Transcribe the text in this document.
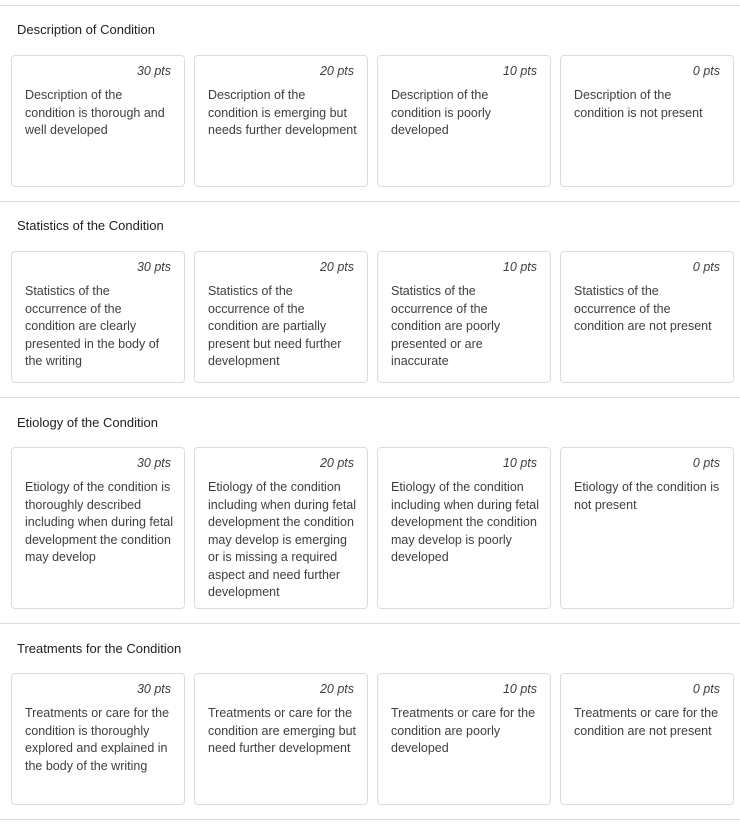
Description of Condition
30 pts
Description of the condition is thorough and well developed
20 pts
Description of the condition is emerging but needs further development
10 pts
Description of the condition is poorly developed
0 pts
Description of the condition is not present
Statistics of the Condition
30 pts
Statistics of the occurrence of the condition are clearly presented in the body of the writing
20 pts
Statistics of the occurrence of the condition are partially present but need further development
10 pts
Statistics of the occurrence of the condition are poorly presented or are inaccurate
0 pts
Statistics of the occurrence of the condition are not present
Etiology of the Condition
30 pts
Etiology of the condition is thoroughly described including when during fetal development the condition may develop
20 pts
Etiology of the condition including when during fetal development the condition may develop is emerging or is missing a required aspect and need further development
10 pts
Etiology of the condition including when during fetal development the condition may develop is poorly developed
0 pts
Etiology of the condition is not present
Treatments for the Condition
30 pts
Treatments or care for the condition is thoroughly explored and explained in the body of the writing
20 pts
Treatments or care for the condition are emerging but need further development
10 pts
Treatments or care for the condition are poorly developed
0 pts
Treatments or care for the condition are not present
